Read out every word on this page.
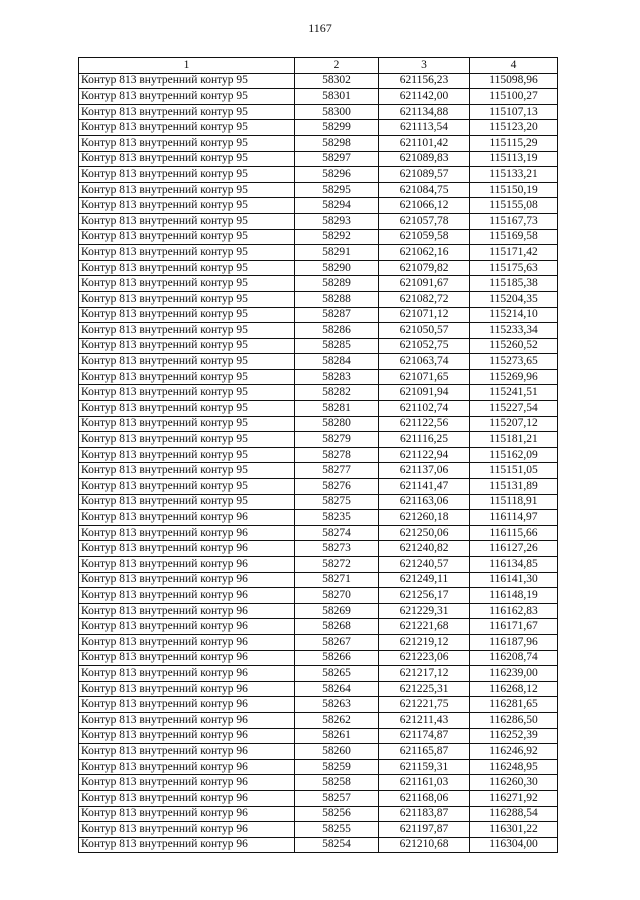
1167
1	2	3	4
Контур 813 внутренний контур 95	58302	621156,23	115098,96
Контур 813 внутренний контур 95	58301	621142,00	115100,27
Контур 813 внутренний контур 95	58300	621134,88	115107,13
Контур 813 внутренний контур 95	58299	621113,54	115123,20
Контур 813 внутренний контур 95	58298	621101,42	115115,29
Контур 813 внутренний контур 95	58297	621089,83	115113,19
Контур 813 внутренний контур 95	58296	621089,57	115133,21
Контур 813 внутренний контур 95	58295	621084,75	115150,19
Контур 813 внутренний контур 95	58294	621066,12	115155,08
Контур 813 внутренний контур 95	58293	621057,78	115167,73
Контур 813 внутренний контур 95	58292	621059,58	115169,58
Контур 813 внутренний контур 95	58291	621062,16	115171,42
Контур 813 внутренний контур 95	58290	621079,82	115175,63
Контур 813 внутренний контур 95	58289	621091,67	115185,38
Контур 813 внутренний контур 95	58288	621082,72	115204,35
Контур 813 внутренний контур 95	58287	621071,12	115214,10
Контур 813 внутренний контур 95	58286	621050,57	115233,34
Контур 813 внутренний контур 95	58285	621052,75	115260,52
Контур 813 внутренний контур 95	58284	621063,74	115273,65
Контур 813 внутренний контур 95	58283	621071,65	115269,96
Контур 813 внутренний контур 95	58282	621091,94	115241,51
Контур 813 внутренний контур 95	58281	621102,74	115227,54
Контур 813 внутренний контур 95	58280	621122,56	115207,12
Контур 813 внутренний контур 95	58279	621116,25	115181,21
Контур 813 внутренний контур 95	58278	621122,94	115162,09
Контур 813 внутренний контур 95	58277	621137,06	115151,05
Контур 813 внутренний контур 95	58276	621141,47	115131,89
Контур 813 внутренний контур 95	58275	621163,06	115118,91
Контур 813 внутренний контур 96	58235	621260,18	116114,97
Контур 813 внутренний контур 96	58274	621250,06	116115,66
Контур 813 внутренний контур 96	58273	621240,82	116127,26
Контур 813 внутренний контур 96	58272	621240,57	116134,85
Контур 813 внутренний контур 96	58271	621249,11	116141,30
Контур 813 внутренний контур 96	58270	621256,17	116148,19
Контур 813 внутренний контур 96	58269	621229,31	116162,83
Контур 813 внутренний контур 96	58268	621221,68	116171,67
Контур 813 внутренний контур 96	58267	621219,12	116187,96
Контур 813 внутренний контур 96	58266	621223,06	116208,74
Контур 813 внутренний контур 96	58265	621217,12	116239,00
Контур 813 внутренний контур 96	58264	621225,31	116268,12
Контур 813 внутренний контур 96	58263	621221,75	116281,65
Контур 813 внутренний контур 96	58262	621211,43	116286,50
Контур 813 внутренний контур 96	58261	621174,87	116252,39
Контур 813 внутренний контур 96	58260	621165,87	116246,92
Контур 813 внутренний контур 96	58259	621159,31	116248,95
Контур 813 внутренний контур 96	58258	621161,03	116260,30
Контур 813 внутренний контур 96	58257	621168,06	116271,92
Контур 813 внутренний контур 96	58256	621183,87	116288,54
Контур 813 внутренний контур 96	58255	621197,87	116301,22
Контур 813 внутренний контур 96	58254	621210,68	116304,00
